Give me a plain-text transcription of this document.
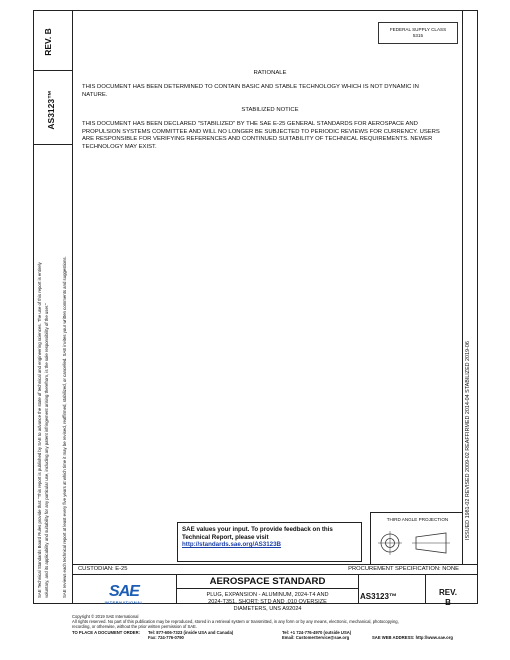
REV. B
AS3123™
SAE Technical Standards Board Rules provide that: "This report is published by SAE to advance the state of technical and engineering sciences. The use of this report is entirely voluntary, and its applicability and suitability for any particular use, including any patent infringement arising therefrom, is the sole responsibility of the user."	SAE reviews each technical report at least every five years at which time it may be revised, reaffirmed, stabilized, or cancelled. SAE invites your written comments and suggestions.	ISSUED 1981-02 REVISED 2009-02 REAFFIRMED 2014-04 STABILIZED 2019-06
FEDERAL SUPPLY CLASS
5315
RATIONALE
THIS DOCUMENT HAS BEEN DETERMINED TO CONTAIN BASIC AND STABLE TECHNOLOGY WHICH IS NOT DYNAMIC IN NATURE.
STABILIZED NOTICE
THIS DOCUMENT HAS BEEN DECLARED "STABILIZED" BY THE SAE E-25 GENERAL STANDARDS FOR AEROSPACE AND PROPULSION SYSTEMS COMMITTEE AND WILL NO LONGER BE SUBJECTED TO PERIODIC REVIEWS FOR CURRENCY. USERS ARE RESPONSIBLE FOR VERIFYING REFERENCES AND CONTINUED SUITABILITY OF TECHNICAL REQUIREMENTS. NEWER TECHNOLOGY MAY EXIST.
SAE values your input. To provide feedback on this
Technical Report, please visit
http://standards.sae.org/AS3123B
THIRD ANGLE PROJECTION
CUSTODIAN: E-25	PROCUREMENT SPECIFICATION: NONE
SAE
INTERNATIONAL
AEROSPACE STANDARD
PLUG, EXPANSION - ALUMINUM, 2024-T4 AND
2024-T351, SHORT; STD AND .010 OVERSIZE
DIAMETERS, UNS A92024
AS3123™	REV.
B
Copyright © 2019 SAE International
All rights reserved. No part of this publication may be reproduced, stored in a retrieval system or transmitted, in any form or by any means, electronic, mechanical, photocopying,
recording, or otherwise, without the prior written permission of SAE.
TO PLACE A DOCUMENT ORDER: Tel: 877-606-7323 (inside USA and Canada)
Fax: 724-776-0790
Tel: +1 724-776-4970 (outside USA)
Email: CustomerService@sae.org	SAE WEB ADDRESS: http://www.sae.org
